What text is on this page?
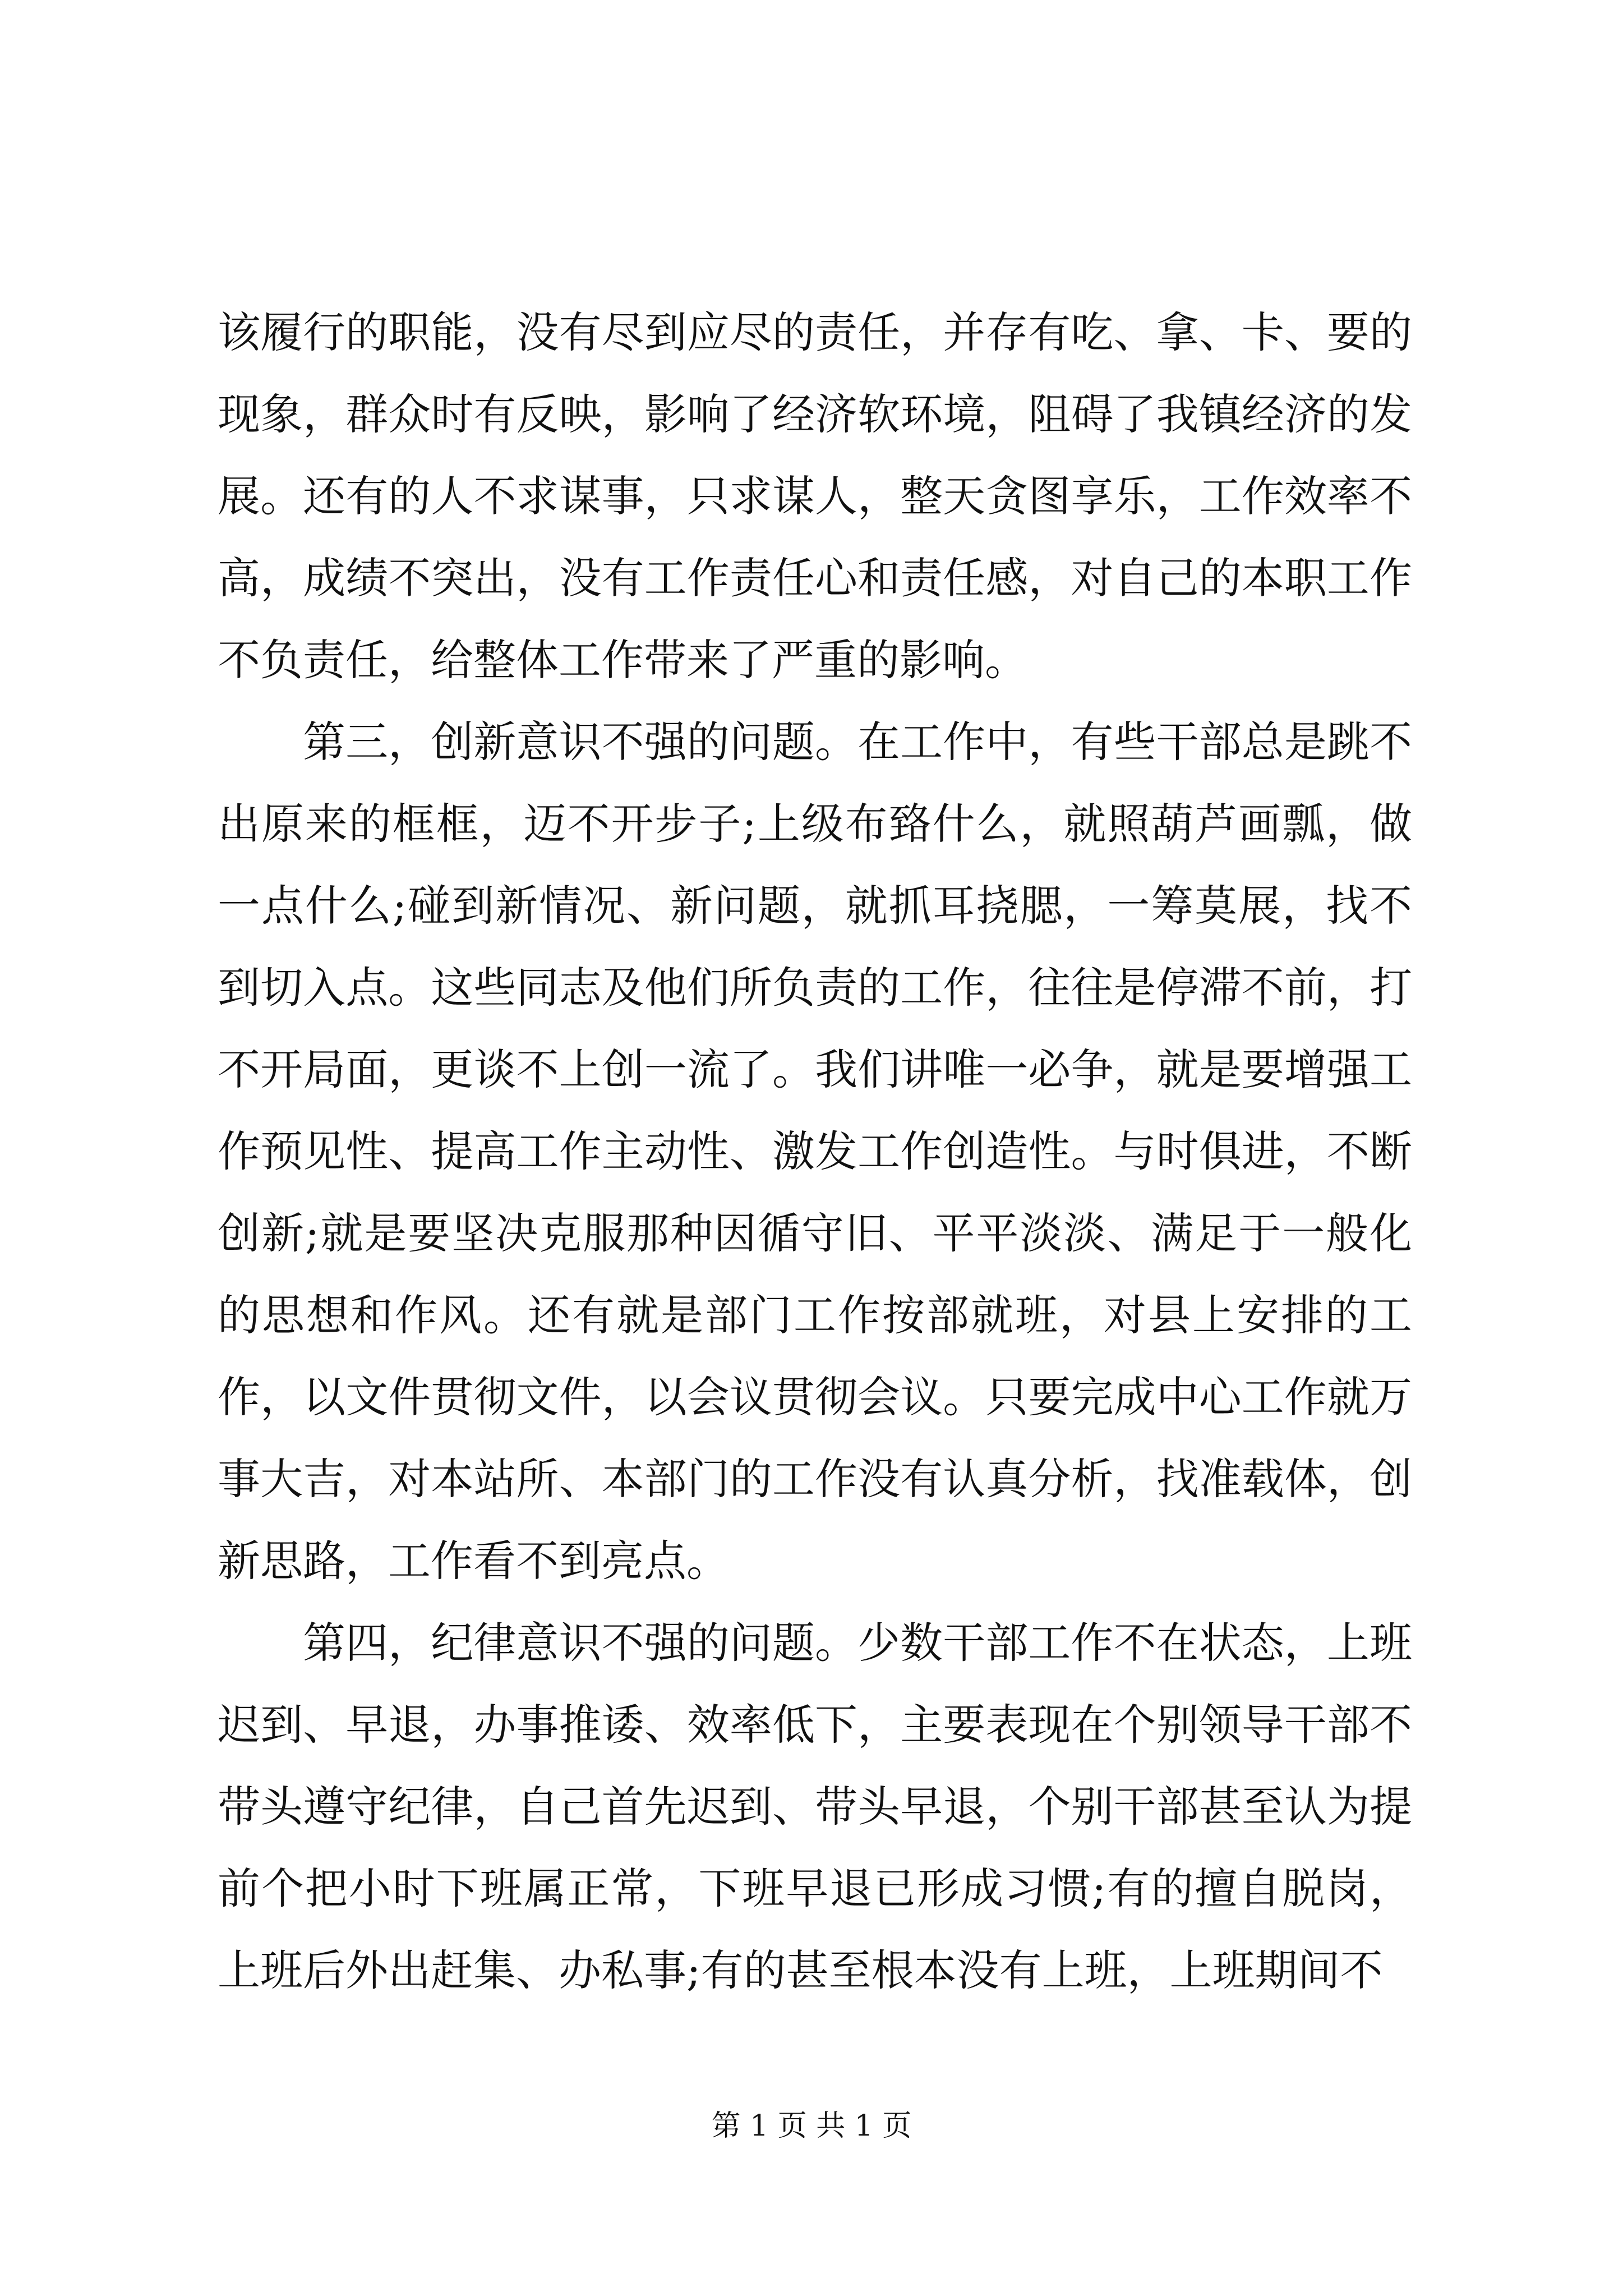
该履行的职能，没有尽到应尽的责任，并存有吃、拿、卡、要的现象，群众时有反映，影响了经济软环境，阻碍了我镇经济的发展。还有的人不求谋事，只求谋人，整天贪图享乐，工作效率不高，成绩不突出，没有工作责任心和责任感，对自己的本职工作不负责任，给整体工作带来了严重的影响。

第三，创新意识不强的问题。在工作中，有些干部总是跳不出原来的框框，迈不开步子;上级布臵什么，就照葫芦画瓢，做一点什么;碰到新情况、新问题，就抓耳挠腮，一筹莫展，找不到切入点。这些同志及他们所负责的工作，往往是停滞不前，打不开局面，更谈不上创一流了。我们讲唯一必争，就是要增强工作预见性、提高工作主动性、激发工作创造性。与时俱进，不断创新;就是要坚决克服那种因循守旧、平平淡淡、满足于一般化的思想和作风。还有就是部门工作按部就班，对县上安排的工作，以文件贯彻文件，以会议贯彻会议。只要完成中心工作就万事大吉，对本站所、本部门的工作没有认真分析，找准载体，创新思路，工作看不到亮点。

第四，纪律意识不强的问题。少数干部工作不在状态，上班迟到、早退，办事推诿、效率低下，主要表现在个别领导干部不带头遵守纪律，自己首先迟到、带头早退，个别干部甚至认为提前个把小时下班属正常，下班早退已形成习惯;有的擅自脱岗，上班后外出赶集、办私事;有的甚至根本没有上班，上班期间不

第 1 页 共 1 页
